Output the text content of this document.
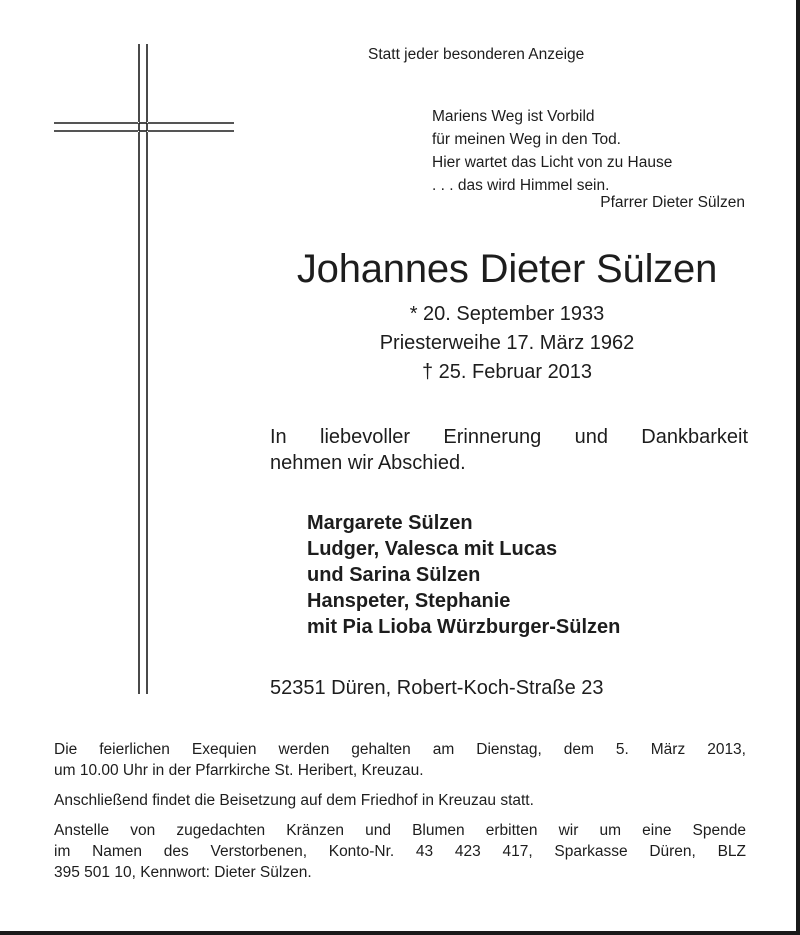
Statt jeder besonderen Anzeige
Mariens Weg ist Vorbild
für meinen Weg in den Tod.
Hier wartet das Licht von zu Hause
. . . das wird Himmel sein.
Pfarrer Dieter Sülzen
Johannes Dieter Sülzen
* 20. September 1933
Priesterweihe 17. März 1962
† 25. Februar 2013
In liebevoller Erinnerung und Dankbarkeit
nehmen wir Abschied.
Margarete Sülzen
Ludger, Valesca mit Lucas
und Sarina Sülzen
Hanspeter, Stephanie
mit Pia Lioba Würzburger-Sülzen
52351 Düren, Robert-Koch-Straße 23

Die feierlichen Exequien werden gehalten am Dienstag, dem 5. März 2013,
um 10.00 Uhr in der Pfarrkirche St. Heribert, Kreuzau.

Anschließend findet die Beisetzung auf dem Friedhof in Kreuzau statt.

Anstelle von zugedachten Kränzen und Blumen erbitten wir um eine Spende
im Namen des Verstorbenen, Konto-Nr. 43 423 417, Sparkasse Düren, BLZ
395 501 10, Kennwort: Dieter Sülzen.
